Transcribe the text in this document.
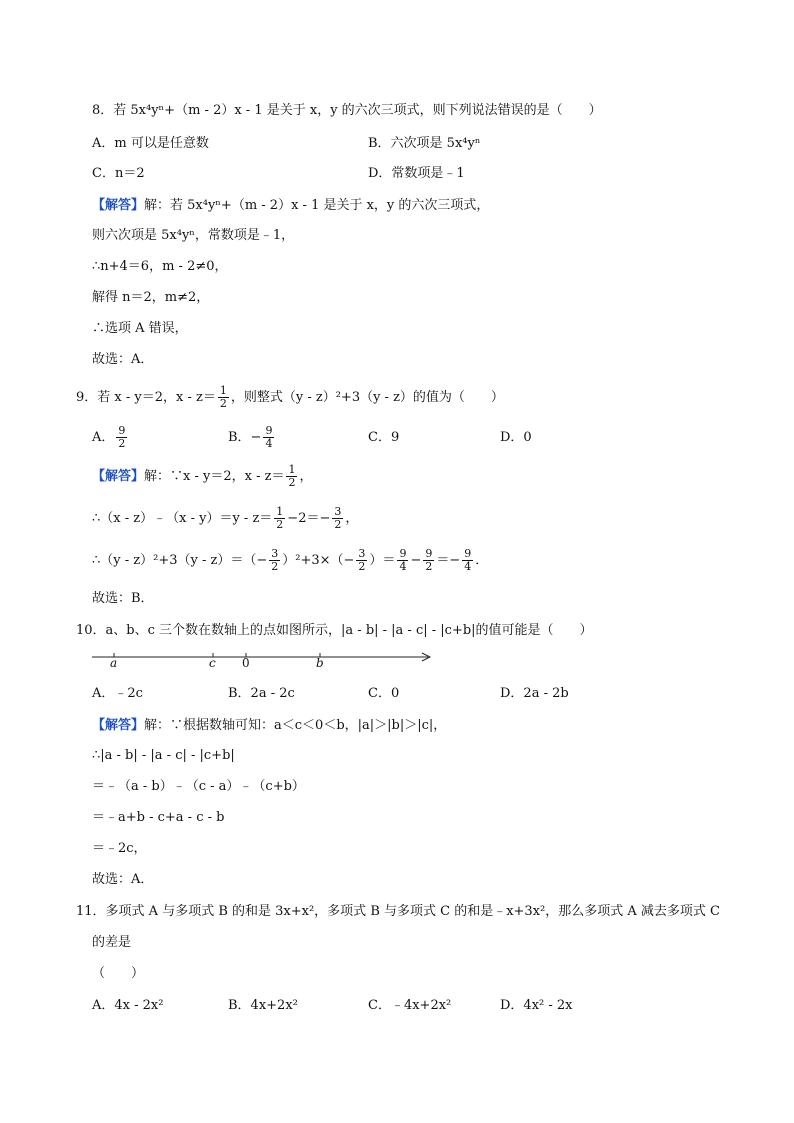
8．若 5x⁴yⁿ+（m - 2）x - 1 是关于 x，y 的六次三项式，则下列说法错误的是（　　）
A．m 可以是任意数	B．六次项是 5x⁴yⁿ
C．n＝2	D．常数项是﹣1
【解答】解：若 5x⁴yⁿ+（m - 2）x - 1 是关于 x，y 的六次三项式，
则六次项是 5x⁴yⁿ，常数项是﹣1，
∴n+4＝6，m - 2≠0，
解得 n＝2，m≠2，
∴选项 A 错误，
故选：A．
9．若 x - y＝2，$x - z= \frac{1}{2}$ ，则整式（y - z）²+3（y - z）的值为（　　）
A． $\frac{9}{2}$	B．− $\frac{9}{4}$	C．9	D．0
【解答】解：∵x - y＝2，$x - z= \frac{1}{2}$ ，
∴（x - z）﹣（x - $y)=y - z= \frac{1}{2} -2=- \frac{3}{2}$ ，
∴（y - $z)^2+3(y - z)=(- \frac{3}{2} )^2+3\times(- \frac{3}{2}$ ）＝ $\frac{9}{4} - \frac{9}{2} =- \frac{9}{4}$ ．
故选：B．
10．a、b、c 三个数在数轴上的点如图所示，|a - b| - |a - c| - |c+b|的值可能是（　　）
a	c 0	b
A．﹣2c	B．2a - 2c	C．0	D．2a - 2b
【解答】解：∵根据数轴可知：a＜c＜0＜b，|a|＞|b|＞|c|，
∴|a - b| - |a - c| - |c+b|
＝﹣（a - b）﹣（c - a）﹣（c+b）
＝﹣a+b - c+a - c - b
＝﹣2c，
故选：A．
11．多项式 A 与多项式 B 的和是 3x+x²，多项式 B 与多项式 C 的和是﹣x+3x²，那么多项式 A 减去多项式 C
的差是
（　　）
A．4x - 2x²	B．4x+2x²	C．﹣4x+2x²	D．4x² - 2x
